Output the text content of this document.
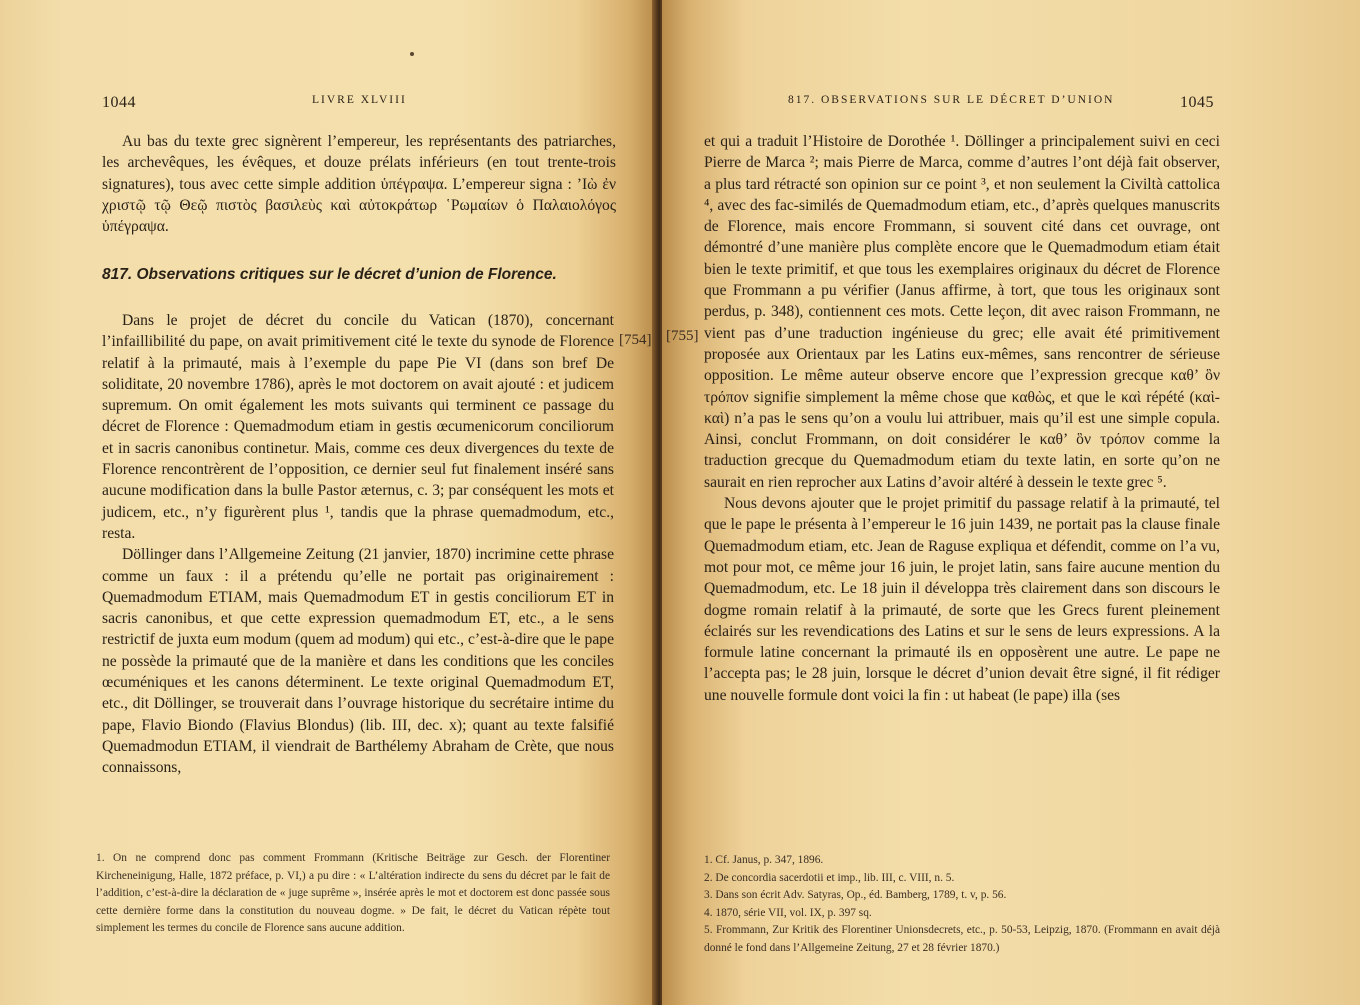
1044	LIVRE XLVIII

Au bas du texte grec signèrent l’empereur, les représentants des patriarches, les archevêques, les évêques, et douze prélats inférieurs (en tout trente-trois signatures), tous avec cette simple addition ὑπέγραψα. L’empereur signa : ’Ιὼ ἐν χριστῷ τῷ Θεῷ πιστὸς βασιλεὺς καὶ αὐτοκράτωρ ῾Ρωμαίων ὁ Παλαιολόγος ὑπέγραψα.

817. Observations critiques sur le décret d’union de Florence.

Dans le projet de décret du concile du Vatican (1870), concernant l’infaillibilité du pape, on avait primitivement cité le texte du synode de Florence relatif à la primauté, mais à l’exemple du pape Pie VI (dans son bref De soliditate, 20 novembre 1786), après le mot doctorem on avait ajouté : et judicem supremum. On omit également les mots suivants qui terminent ce passage du décret de Florence : Quemadmodum etiam in gestis œcumenicorum conciliorum et in sacris canonibus continetur. Mais, comme ces deux divergences du texte de Florence rencontrèrent de l’opposition, ce dernier seul fut finalement inséré sans aucune modification dans la bulle Pastor æternus, c. 3; par conséquent les mots et judicem, etc., n’y figurèrent plus ¹, tandis que la phrase quemadmodum, etc., resta.

Döllinger dans l’Allgemeine Zeitung (21 janvier, 1870) incrimine cette phrase comme un faux : il a prétendu qu’elle ne portait pas originairement : Quemadmodum ETIAM, mais Quemadmodum ET in gestis conciliorum ET in sacris canonibus, et que cette expression quemadmodum ET, etc., a le sens restrictif de juxta eum modum (quem ad modum) qui etc., c’est-à-dire que le pape ne possède la primauté que de la manière et dans les conditions que les conciles œcuméniques et les canons déterminent. Le texte original Quemadmodum ET, etc., dit Döllinger, se trouverait dans l’ouvrage historique du secrétaire intime du pape, Flavio Biondo (Flavius Blondus) (lib. III, dec. x); quant au texte falsifié Quemadmodun ETIAM, il viendrait de Barthélemy Abraham de Crète, que nous connaissons,

[754]

1. On ne comprend donc pas comment Frommann (Kritische Beiträge zur Gesch. der Florentiner Kircheneinigung, Halle, 1872 préface, p. VI,) a pu dire : « L’altération indirecte du sens du décret par le fait de l’addition, c’est-à-dire la déclaration de « juge suprême », insérée après le mot et doctorem est donc passée sous cette dernière forme dans la constitution du nouveau dogme. » De fait, le décret du Vatican répète tout simplement les termes du concile de Florence sans aucune addition.

817. OBSERVATIONS SUR LE DÉCRET D’UNION	1045
[755]

et qui a traduit l’Histoire de Dorothée ¹. Döllinger a principalement suivi en ceci Pierre de Marca ²; mais Pierre de Marca, comme d’autres l’ont déjà fait observer, a plus tard rétracté son opinion sur ce point ³, et non seulement la Civiltà cattolica ⁴, avec des fac-similés de Quemadmodum etiam, etc., d’après quelques manuscrits de Florence, mais encore Frommann, si souvent cité dans cet ouvrage, ont démontré d’une manière plus complète encore que le Quemadmodum etiam était bien le texte primitif, et que tous les exemplaires originaux du décret de Florence que Frommann a pu vérifier (Janus affirme, à tort, que tous les originaux sont perdus, p. 348), contiennent ces mots. Cette leçon, dit avec raison Frommann, ne vient pas d’une traduction ingénieuse du grec; elle avait été primitivement proposée aux Orientaux par les Latins eux-mêmes, sans rencontrer de sérieuse opposition. Le même auteur observe encore que l’expression grecque καθ’ ὃν τρόπον signifie simplement la même chose que καθὼς, et que le καὶ répété (καὶ-καὶ) n’a pas le sens qu’on a voulu lui attribuer, mais qu’il est une simple copula. Ainsi, conclut Frommann, on doit considérer le καθ’ ὃν τρόπον comme la traduction grecque du Quemadmodum etiam du texte latin, en sorte qu’on ne saurait en rien reprocher aux Latins d’avoir altéré à dessein le texte grec ⁵.

Nous devons ajouter que le projet primitif du passage relatif à la primauté, tel que le pape le présenta à l’empereur le 16 juin 1439, ne portait pas la clause finale Quemadmodum etiam, etc. Jean de Raguse expliqua et défendit, comme on l’a vu, mot pour mot, ce même jour 16 juin, le projet latin, sans faire aucune mention du Quemadmodum, etc. Le 18 juin il développa très clairement dans son discours le dogme romain relatif à la primauté, de sorte que les Grecs furent pleinement éclairés sur les revendications des Latins et sur le sens de leurs expressions. A la formule latine concernant la primauté ils en opposèrent une autre. Le pape ne l’accepta pas; le 28 juin, lorsque le décret d’union devait être signé, il fit rédiger une nouvelle formule dont voici la fin : ut habeat (le pape) illa (ses

1. Cf. Janus, p. 347, 1896.

2. De concordia sacerdotii et imp., lib. III, c. VIII, n. 5.

3. Dans son écrit Adv. Satyras, Op., éd. Bamberg, 1789, t. v, p. 56.

4. 1870, série VII, vol. IX, p. 397 sq.

5. Frommann, Zur Kritik des Florentiner Unionsdecrets, etc., p. 50-53, Leipzig, 1870. (Frommann en avait déjà donné le fond dans l’Allgemeine Zeitung, 27 et 28 février 1870.)
